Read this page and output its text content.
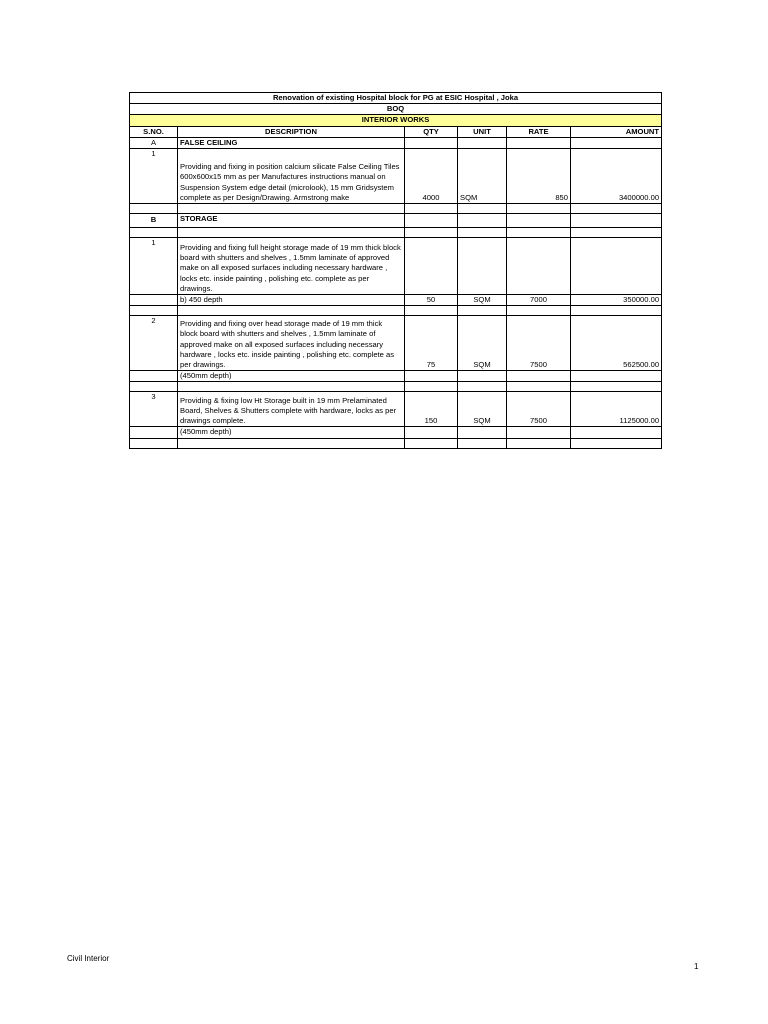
Renovation of existing Hospital block for PG at ESIC Hospital , Joka					
BOQ					
INTERIOR WORKS					
S.NO.	DESCRIPTION	QTY	UNIT	RATE	AMOUNT
A	FALSE CEILING				
1	Providing and fixing in position calcium silicate False Ceiling Tiles 600x600x15 mm as per Manufactures instructions manual on Suspension System edge detail (microlook), 15 mm Gridsystem complete as per Design/Drawing. Armstrong make	4000	SQM	850	3400000.00

B	STORAGE				

1	Providing and fixing full height storage made of 19 mm thick block board with shutters and shelves , 1.5mm laminate of approved make on all exposed surfaces including necessary hardware , locks etc. inside painting , polishing etc. complete as per drawings.				
	b) 450 depth	50	SQM	7000	350000.00

2	Providing and fixing over head storage made of 19 mm thick block board with shutters and shelves , 1.5mm laminate of approved make on all exposed surfaces including necessary hardware , locks etc. inside painting , polishing etc. complete as per drawings.	75	SQM	7500	562500.00
	(450mm depth)				

3	Providing & fixing low Ht Storage built in 19 mm Prelaminated Board, Shelves & Shutters complete with hardware, locks as per drawings complete.	150	SQM	7500	1125000.00
	(450mm depth)				

Civil Interior
1
